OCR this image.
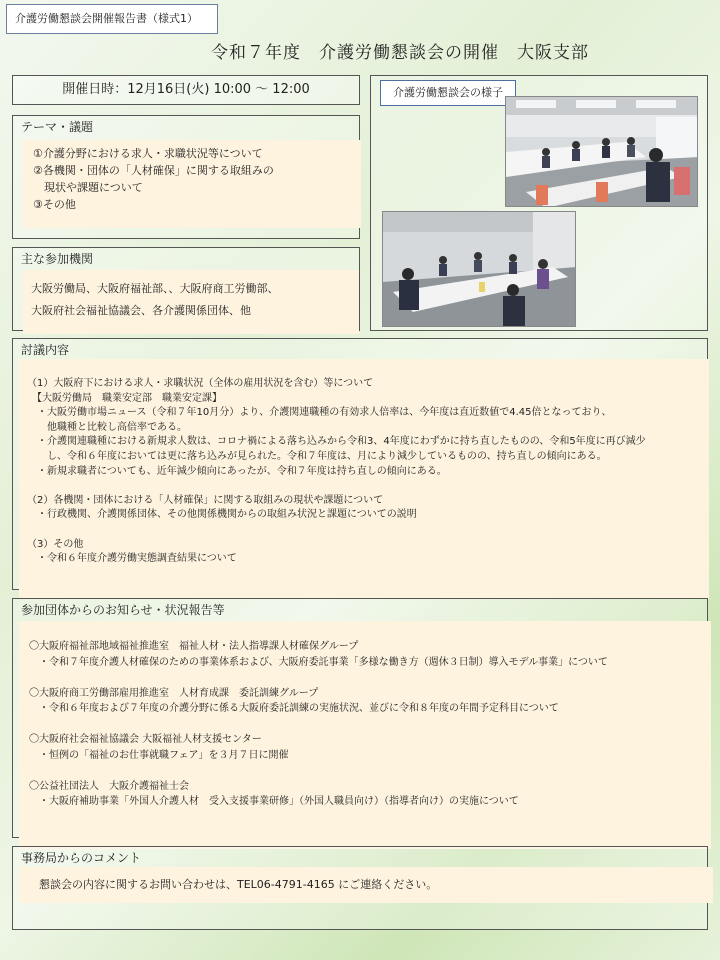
介護労働懇談会開催報告書（様式1）
令和７年度　介護労働懇談会の開催　大阪支部
開催日時：12月16日(火) 10:00 ～ 12:00
テーマ・議題
①介護分野における求人・求職状況等について
②各機関・団体の「人材確保」に関する取組みの
　現状や課題について
③その他
主な参加機関
大阪労働局、大阪府福祉部、、大阪府商工労働部、
大阪府社会福祉協議会、各介護関係団体、他
介護労働懇談会の様子
討議内容
（1）大阪府下における求人・求職状況（全体の雇用状況を含む）等について
　【大阪労働局　職業安定部　職業安定課】
　・大阪労働市場ニュース（令和７年10月分）より、介護関連職種の有効求人倍率は、今年度は直近数値で4.45倍となっており、
　　他職種と比較し高倍率である。
　・介護関連職種における新規求人数は、コロナ禍による落ち込みから令和3、4年度にわずかに持ち直したものの、令和5年度に再び減少
　　し、令和６年度においては更に落ち込みが見られた。令和７年度は、月により減少しているものの、持ち直しの傾向にある。
　・新規求職者についても、近年減少傾向にあったが、令和７年度は持ち直しの傾向にある。

（2）各機関・団体における「人材確保」に関する取組みの現状や課題について
　・行政機関、介護関係団体、その他関係機関からの取組み状況と課題についての説明

（3）その他
　・令和６年度介護労働実態調査結果について
参加団体からのお知らせ・状況報告等
〇大阪府福祉部地域福祉推進室　福祉人材・法人指導課人材確保グループ
　・令和７年度介護人材確保のための事業体系および、大阪府委託事業「多様な働き方（週休３日制）導入モデル事業」について

〇大阪府商工労働部雇用推進室　人材育成課　委託訓練グループ
　・令和６年度および７年度の介護分野に係る大阪府委託訓練の実施状況、並びに令和８年度の年間予定科目について

〇大阪府社会福祉協議会 大阪福祉人材支援センター
　・恒例の「福祉のお仕事就職フェア」を３月７日に開催

〇公益社団法人　大阪介護福祉士会
　・大阪府補助事業「外国人介護人材　受入支援事業研修」（外国人職員向け）（指導者向け）の実施について
事務局からのコメント
懇談会の内容に関するお問い合わせは、TEL06-4791-4165 にご連絡ください。
